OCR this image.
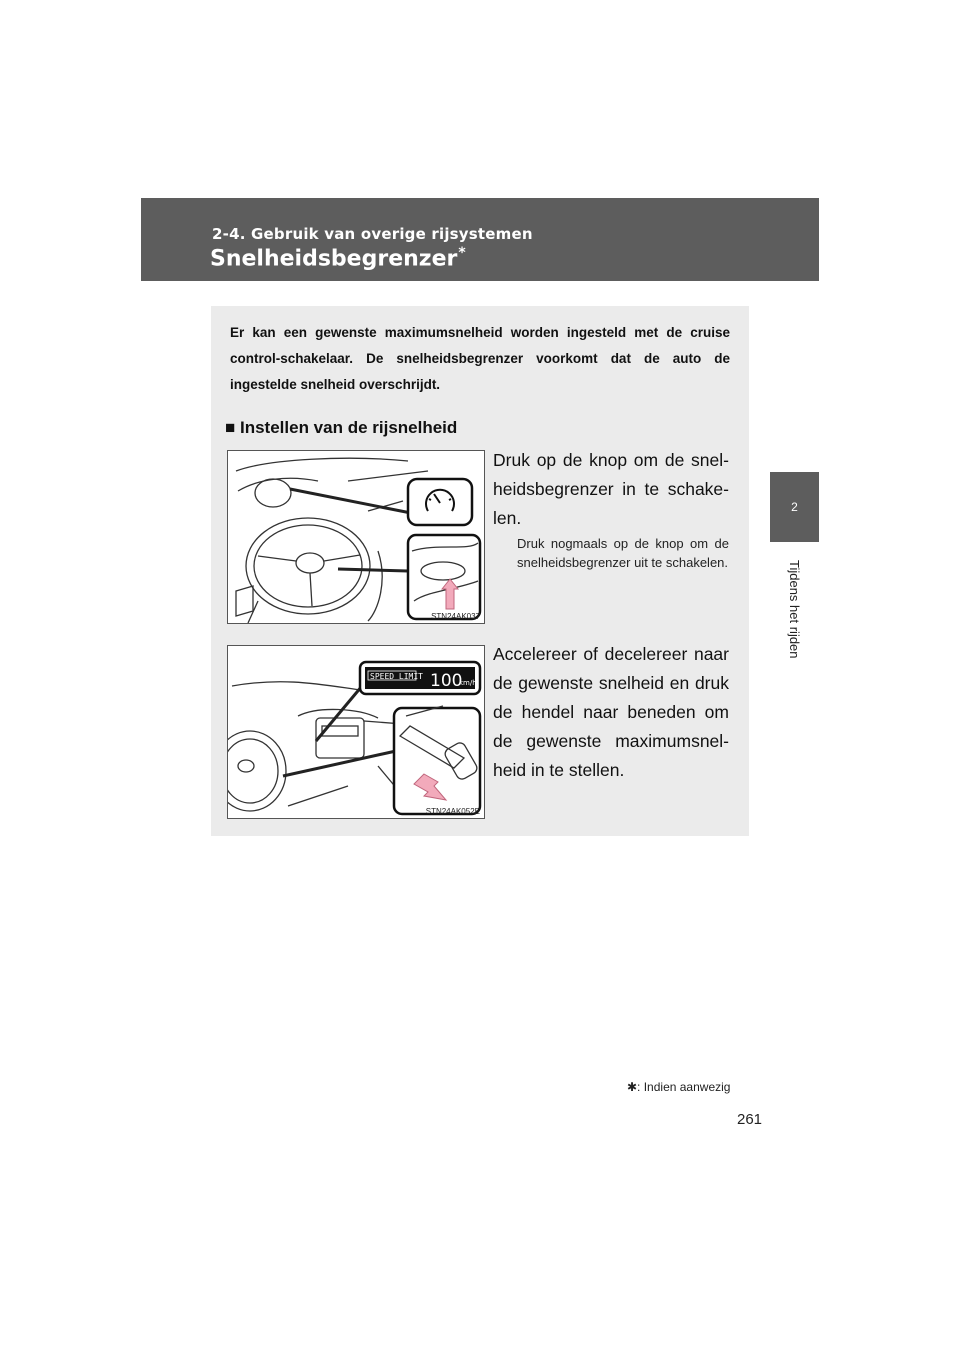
2-4. Gebruik van overige rijsystemen
Snelheidsbegrenzer*
2
Tijdens het rijden
Er kan een gewenste maximumsnelheid worden ingesteld met de cruise control-schakelaar. De snelheidsbegrenzer voorkomt dat de auto de ingestelde snelheid overschrijdt.
■ Instellen van de rijsnelheid
STN24AK037
Druk op de knop om de snel-heidsbegrenzer in te schake-len.
Druk nogmaals op de knop om de snelheidsbegrenzer uit te schakelen.
SPEED LIMIT 100
km/h
STN24AK052E
Accelereer of decelereer naar de gewenste snelheid en druk de hendel naar beneden om de gewenste maximumsnel-heid in te stellen.
✱: Indien aanwezig
261
